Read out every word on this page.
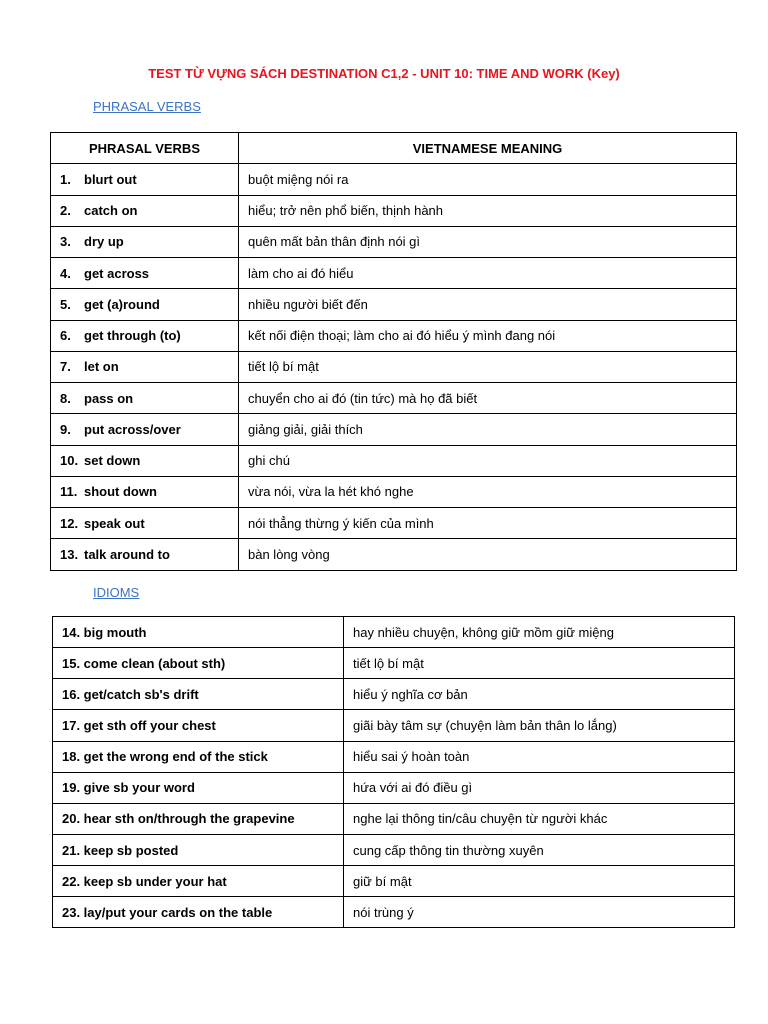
TEST TỪ VỰNG SÁCH DESTINATION C1,2 - UNIT 10: TIME AND WORK (Key)
PHRASAL VERBS
PHRASAL VERBS	VIETNAMESE MEANING
1. blurt out	buột miệng nói ra
2. catch on	hiểu; trở nên phổ biến, thịnh hành
3. dry up	quên mất bản thân định nói gì
4. get across	làm cho ai đó hiểu
5. get (a)round	nhiều người biết đến
6. get through (to)	kết nối điện thoại; làm cho ai đó hiểu ý mình đang nói
7. let on	tiết lộ bí mật
8. pass on	chuyển cho ai đó (tin tức) mà họ đã biết
9. put across/over	giảng giải, giải thích
10. set down	ghi chú
11. shout down	vừa nói, vừa la hét khó nghe
12. speak out	nói thẳng thừng ý kiến của mình
13. talk around to	bàn lòng vòng
IDIOMS
14. big mouth	hay nhiều chuyện, không giữ mồm giữ miệng
15. come clean (about sth)	tiết lộ bí mật
16. get/catch sb's drift	hiểu ý nghĩa cơ bản
17. get sth off your chest	giãi bày tâm sự (chuyện làm bản thân lo lắng)
18. get the wrong end of the stick	hiểu sai ý hoàn toàn
19. give sb your word	hứa với ai đó điều gì
20. hear sth on/through the grapevine	nghe lại thông tin/câu chuyện từ người khác
21. keep sb posted	cung cấp thông tin thường xuyên
22. keep sb under your hat	giữ bí mật
23. lay/put your cards on the table	nói trùng ý
